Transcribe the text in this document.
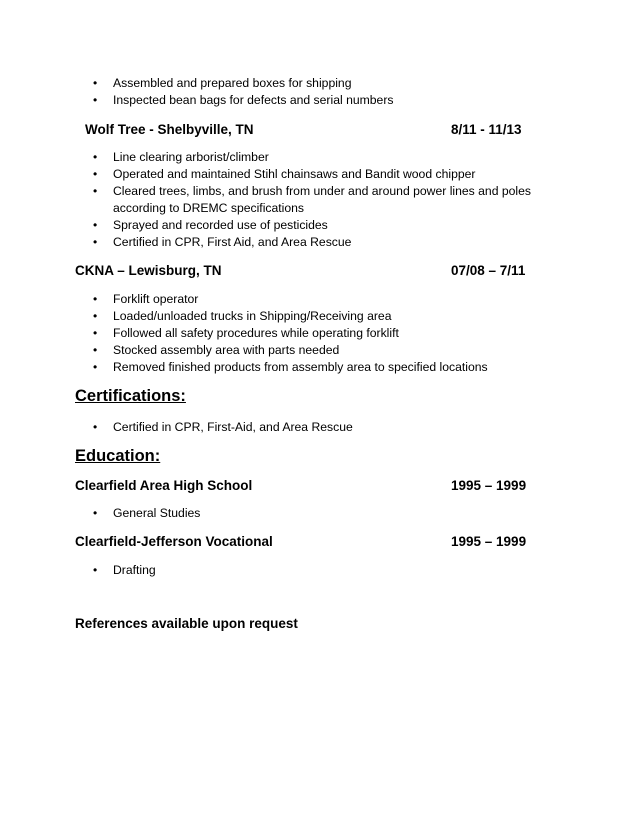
• Assembled and prepared boxes for shipping
• Inspected bean bags for defects and serial numbers
Wolf Tree - Shelbyville, TN	8/11 - 11/13
• Line clearing arborist/climber
• Operated and maintained Stihl chainsaws and Bandit wood chipper
• Cleared trees, limbs, and brush from under and around power lines and poles
according to DREMC specifications
• Sprayed and recorded use of pesticides
• Certified in CPR, First Aid, and Area Rescue
CKNA – Lewisburg, TN	07/08 – 7/11
• Forklift operator
• Loaded/unloaded trucks in Shipping/Receiving area
• Followed all safety procedures while operating forklift
• Stocked assembly area with parts needed
• Removed finished products from assembly area to specified locations
Certifications:
• Certified in CPR, First-Aid, and Area Rescue
Education:
Clearfield Area High School	1995 – 1999
• General Studies
Clearfield-Jefferson Vocational	1995 – 1999
• Drafting
References available upon request
